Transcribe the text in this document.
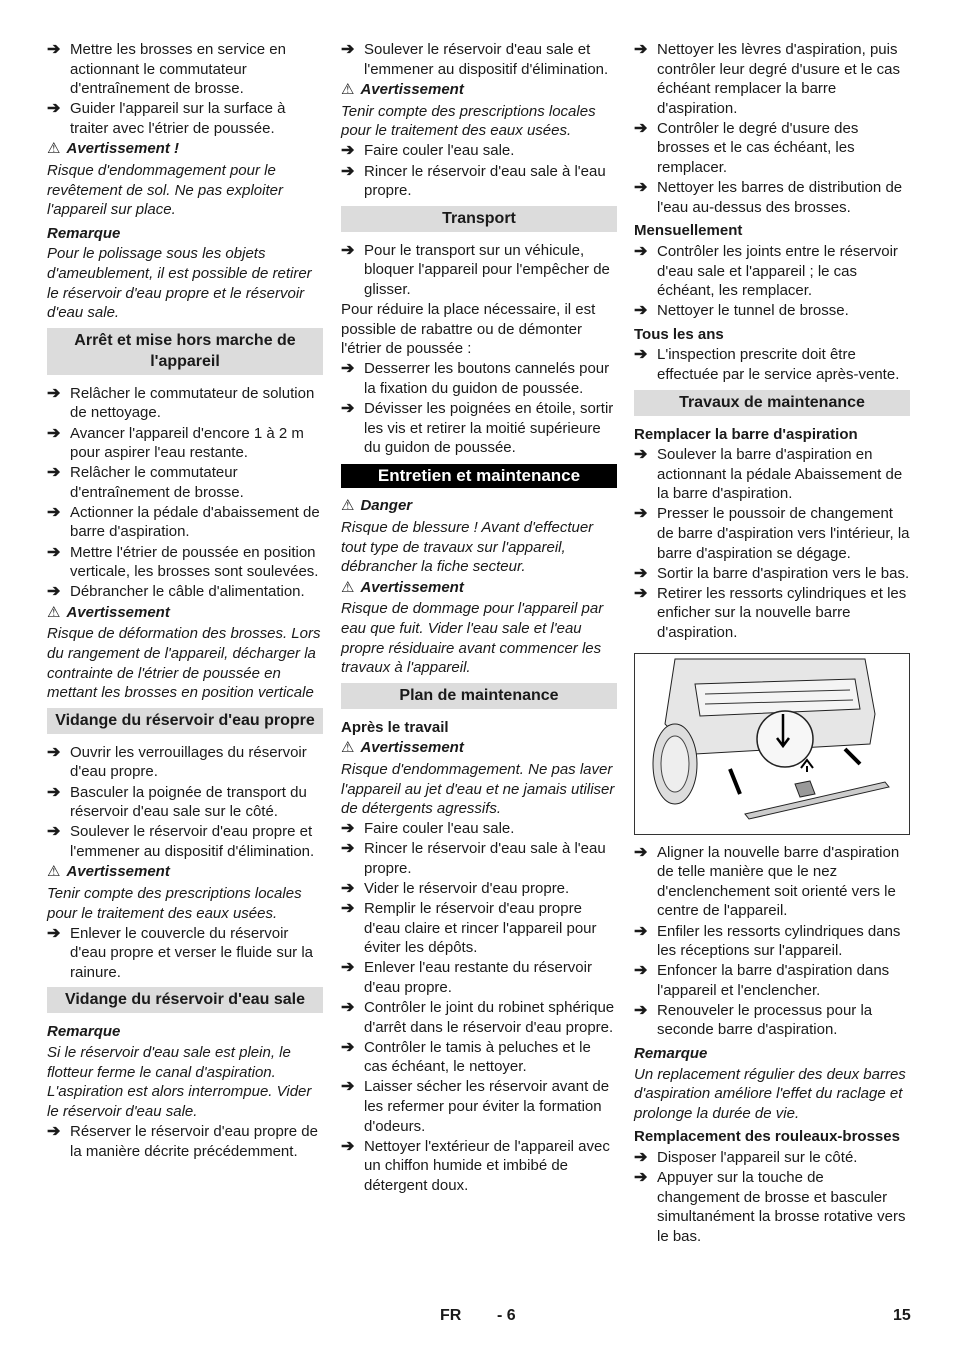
➔ Mettre les brosses en service en actionnant le commutateur d'entraînement de brosse.
➔ Guider l'appareil sur la surface à traiter avec l'étrier de poussée.
⚠ Avertissement !
Risque d'endommagement pour le revêtement de sol. Ne pas exploiter l'appareil sur place.
Remarque
Pour le polissage sous les objets d'ameublement, il est possible de retirer le réservoir d'eau propre et le réservoir d'eau sale.
Arrêt et mise hors marche de l'appareil
➔ Relâcher le commutateur de solution de nettoyage.
➔ Avancer l'appareil d'encore 1 à 2 m pour aspirer l'eau restante.
➔ Relâcher le commutateur d'entraînement de brosse.
➔ Actionner la pédale d'abaissement de barre d'aspiration.
➔ Mettre l'étrier de poussée en position verticale, les brosses sont soulevées.
➔ Débrancher le câble d'alimentation.
⚠ Avertissement
Risque de déformation des brosses. Lors du rangement de l'appareil, décharger la contrainte de l'étrier de poussée en mettant les brosses en position verticale
Vidange du réservoir d'eau propre
➔ Ouvrir les verrouillages du réservoir d'eau propre.
➔ Basculer la poignée de transport du réservoir d'eau sale sur le côté.
➔ Soulever le réservoir d'eau propre et l'emmener au dispositif d'élimination.
⚠ Avertissement
Tenir compte des prescriptions locales pour le traitement des eaux usées.
➔ Enlever le couvercle du réservoir d'eau propre et verser le fluide sur la rainure.
Vidange du réservoir d'eau sale
Remarque
Si le réservoir d'eau sale est plein, le flotteur ferme le canal d'aspiration. L'aspiration est alors interrompue. Vider le réservoir d'eau sale.
➔ Réserver le réservoir d'eau propre de la manière décrite précédemment.
➔ Soulever le réservoir d'eau sale et l'emmener au dispositif d'élimination.
⚠ Avertissement
Tenir compte des prescriptions locales pour le traitement des eaux usées.
➔ Faire couler l'eau sale.
➔ Rincer le réservoir d'eau sale à l'eau propre.
Transport
➔ Pour le transport sur un véhicule, bloquer l'appareil pour l'empêcher de glisser.
Pour réduire la place nécessaire, il est possible de rabattre ou de démonter l'étrier de poussée :
➔ Desserrer les boutons cannelés pour la fixation du guidon de poussée.
➔ Dévisser les poignées en étoile, sortir les vis et retirer la moitié supérieure du guidon de poussée.
Entretien et maintenance
⚠ Danger
Risque de blessure ! Avant d'effectuer tout type de travaux sur l'appareil, débrancher la fiche secteur.
⚠ Avertissement
Risque de dommage pour l'appareil par eau que fuit. Vider l'eau sale et l'eau propre résiduaire avant commencer les travaux à l'appareil.
Plan de maintenance
Après le travail
⚠ Avertissement
Risque d'endommagement. Ne pas laver l'appareil au jet d'eau et ne jamais utiliser de détergents agressifs.
➔ Faire couler l'eau sale.
➔ Rincer le réservoir d'eau sale à l'eau propre.
➔ Vider le réservoir d'eau propre.
➔ Remplir le réservoir d'eau propre d'eau claire et rincer l'appareil pour éviter les dépôts.
➔ Enlever l'eau restante du réservoir d'eau propre.
➔ Contrôler le joint du robinet sphérique d'arrêt dans le réservoir d'eau propre.
➔ Contrôler le tamis à peluches et le cas échéant, le nettoyer.
➔ Laisser sécher les réservoir avant de les refermer pour éviter la formation d'odeurs.
➔ Nettoyer l'extérieur de l'appareil avec un chiffon humide et imbibé de détergent doux.
➔ Nettoyer les lèvres d'aspiration, puis contrôler leur degré d'usure et le cas échéant remplacer la barre d'aspiration.
➔ Contrôler le degré d'usure des brosses et le cas échéant, les remplacer.
➔ Nettoyer les barres de distribution de l'eau au-dessus des brosses.
Mensuellement
➔ Contrôler les joints entre le réservoir d'eau sale et l'appareil ; le cas échéant, les remplacer.
➔ Nettoyer le tunnel de brosse.
Tous les ans
➔ L'inspection prescrite doit être effectuée par le service après-vente.
Travaux de maintenance
Remplacer la barre d'aspiration
➔ Soulever la barre d'aspiration en actionnant la pédale Abaissement de la barre d'aspiration.
➔ Presser le poussoir de changement de barre d'aspiration vers l'intérieur, la barre d'aspiration se dégage.
➔ Sortir la barre d'aspiration vers le bas.
➔ Retirer les ressorts cylindriques et les enficher sur la nouvelle barre d'aspiration.
➔ Aligner la nouvelle barre d'aspiration de telle manière que le nez d'enclenchement soit orienté vers le centre de l'appareil.
➔ Enfiler les ressorts cylindriques dans les réceptions sur l'appareil.
➔ Enfoncer la barre d'aspiration dans l'appareil et l'enclencher.
➔ Renouveler le processus pour la seconde barre d'aspiration.
Remarque
Un replacement régulier des deux barres d'aspiration améliore l'effet du raclage et prolonge la durée de vie.
Remplacement des rouleaux-brosses
➔ Disposer l'appareil sur le côté.
➔ Appuyer sur la touche de changement de brosse et basculer simultanément la brosse rotative vers le bas.
FR - 6	15
